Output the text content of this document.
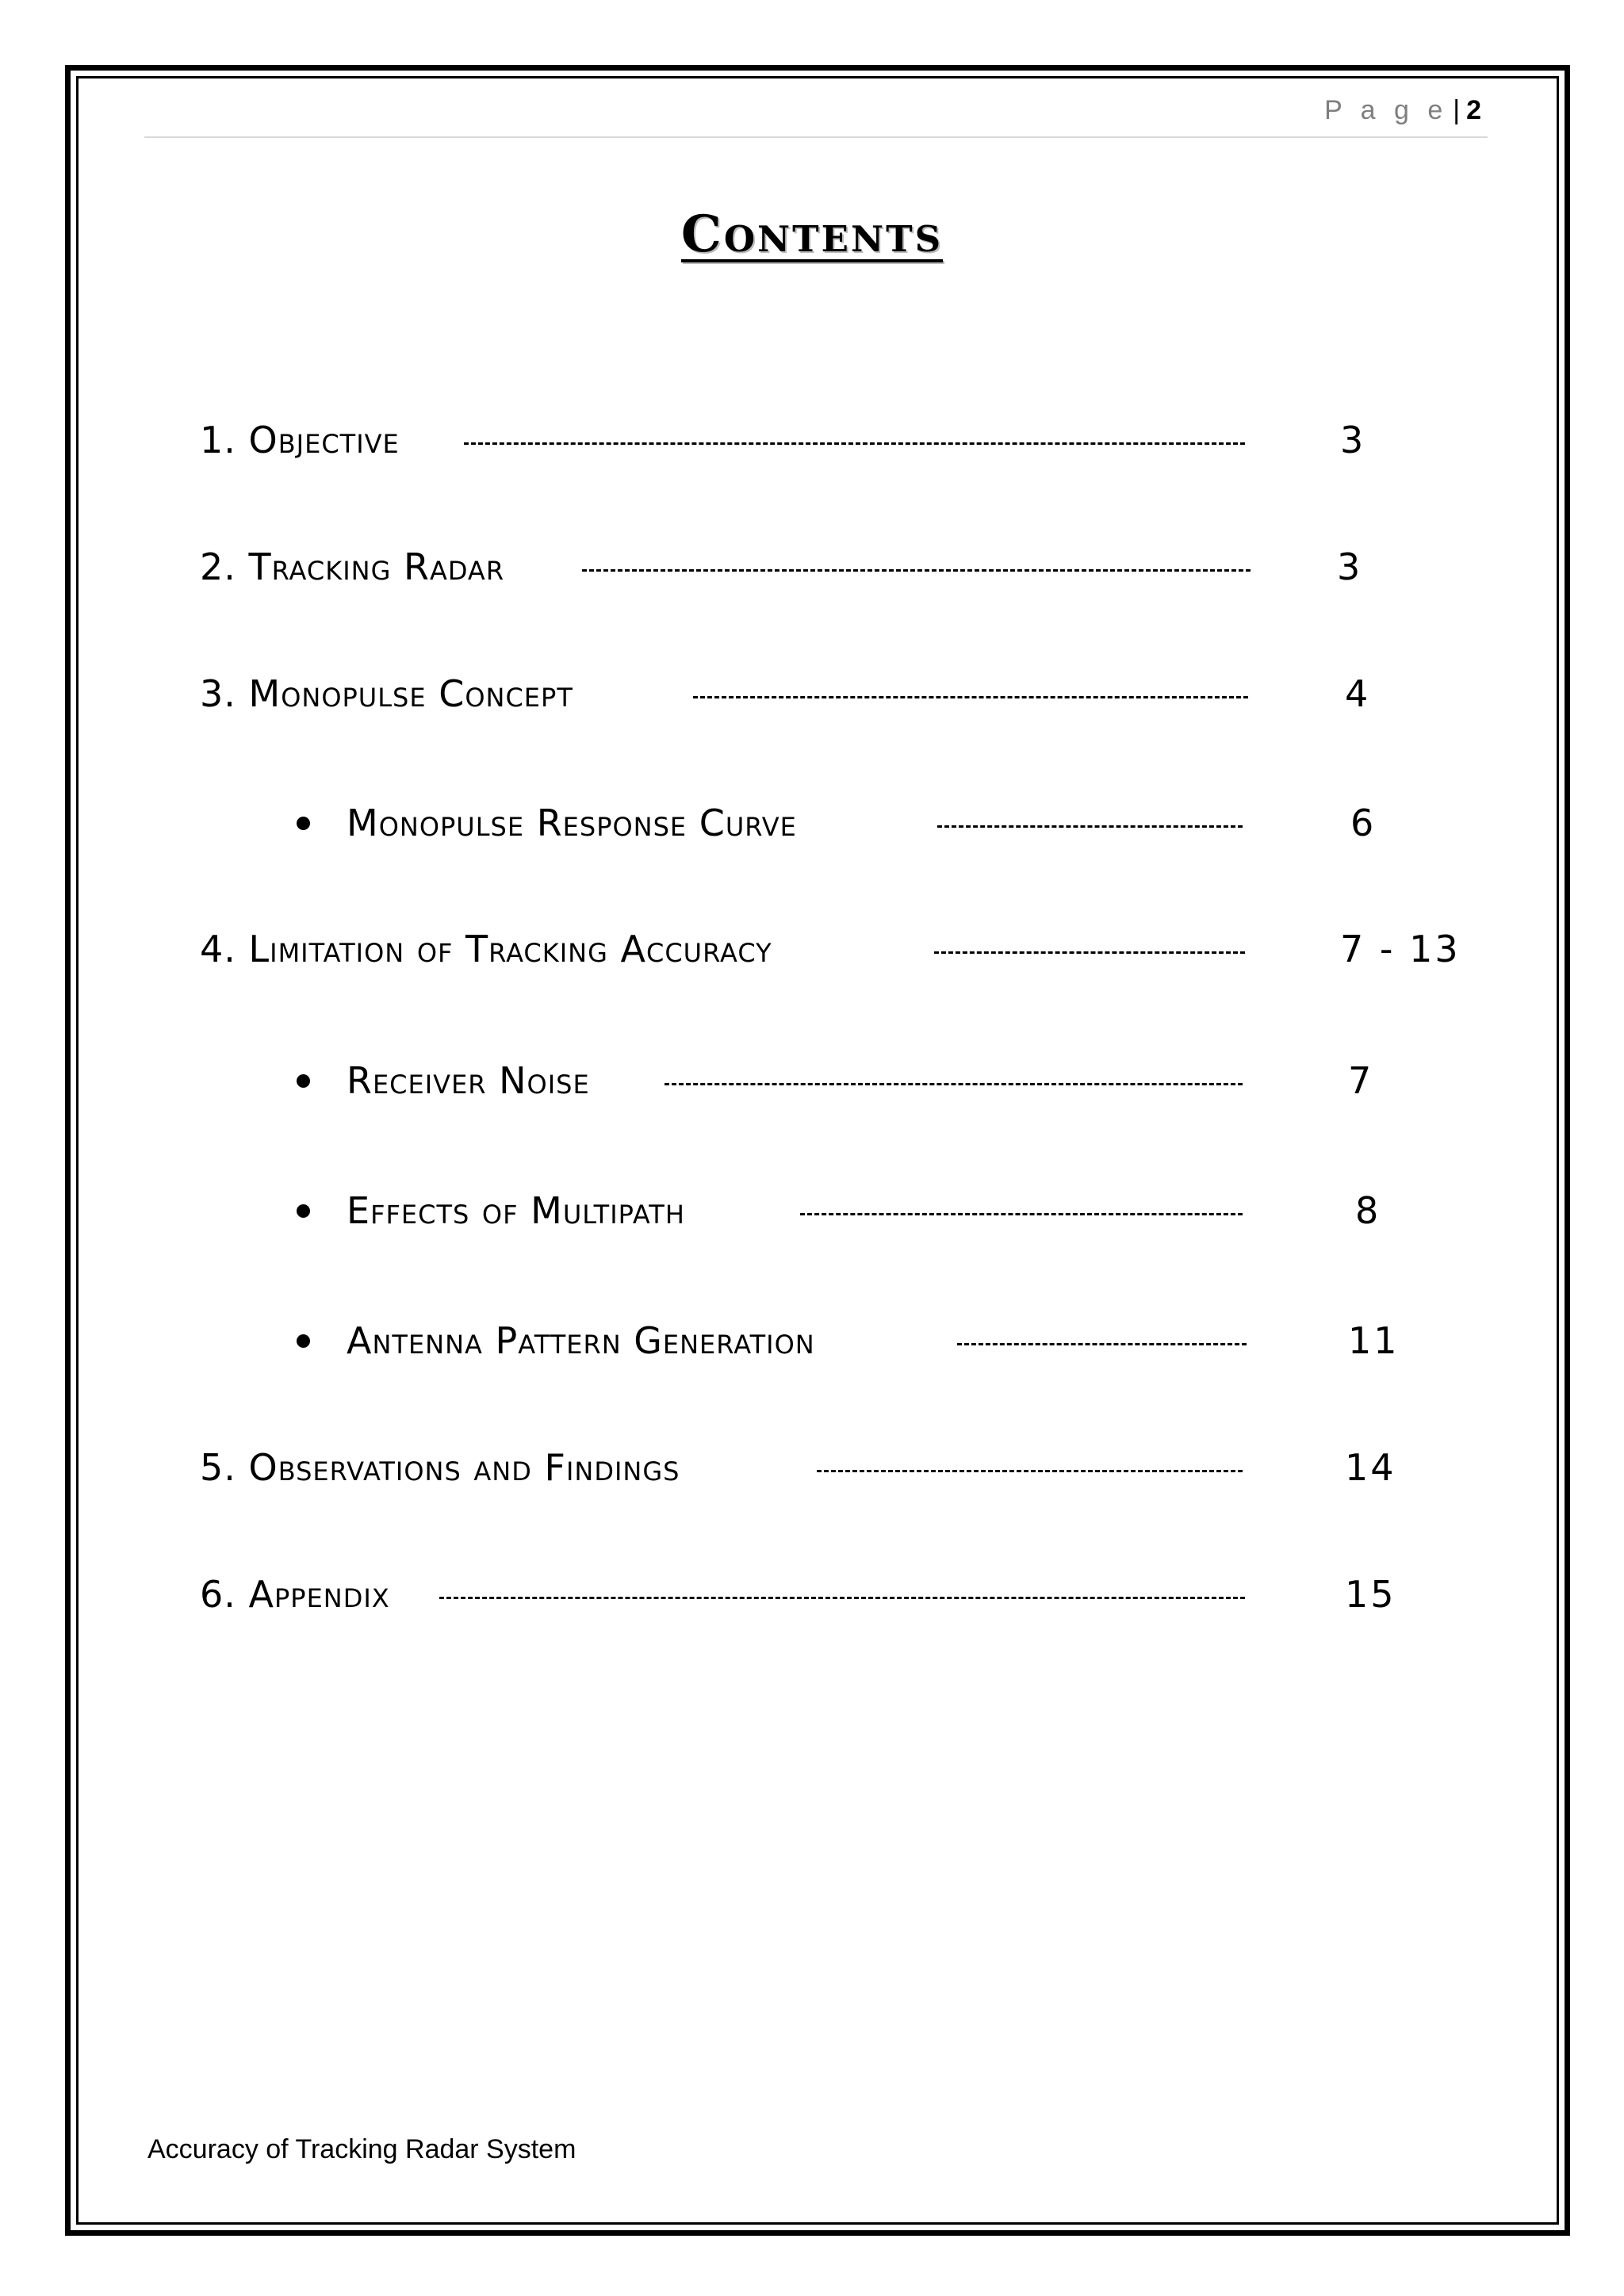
P a g e | 2
Contents
1. Objective	3
2. Tracking Radar	3
3. Monopulse Concept	4
Monopulse Response Curve	6
4. Limitation of Tracking Accuracy	7 - 13
Receiver Noise	7
Effects of Multipath	8
Antenna Pattern Generation	11
5. Observations and Findings	14
6. Appendix	15
Accuracy of Tracking Radar System
